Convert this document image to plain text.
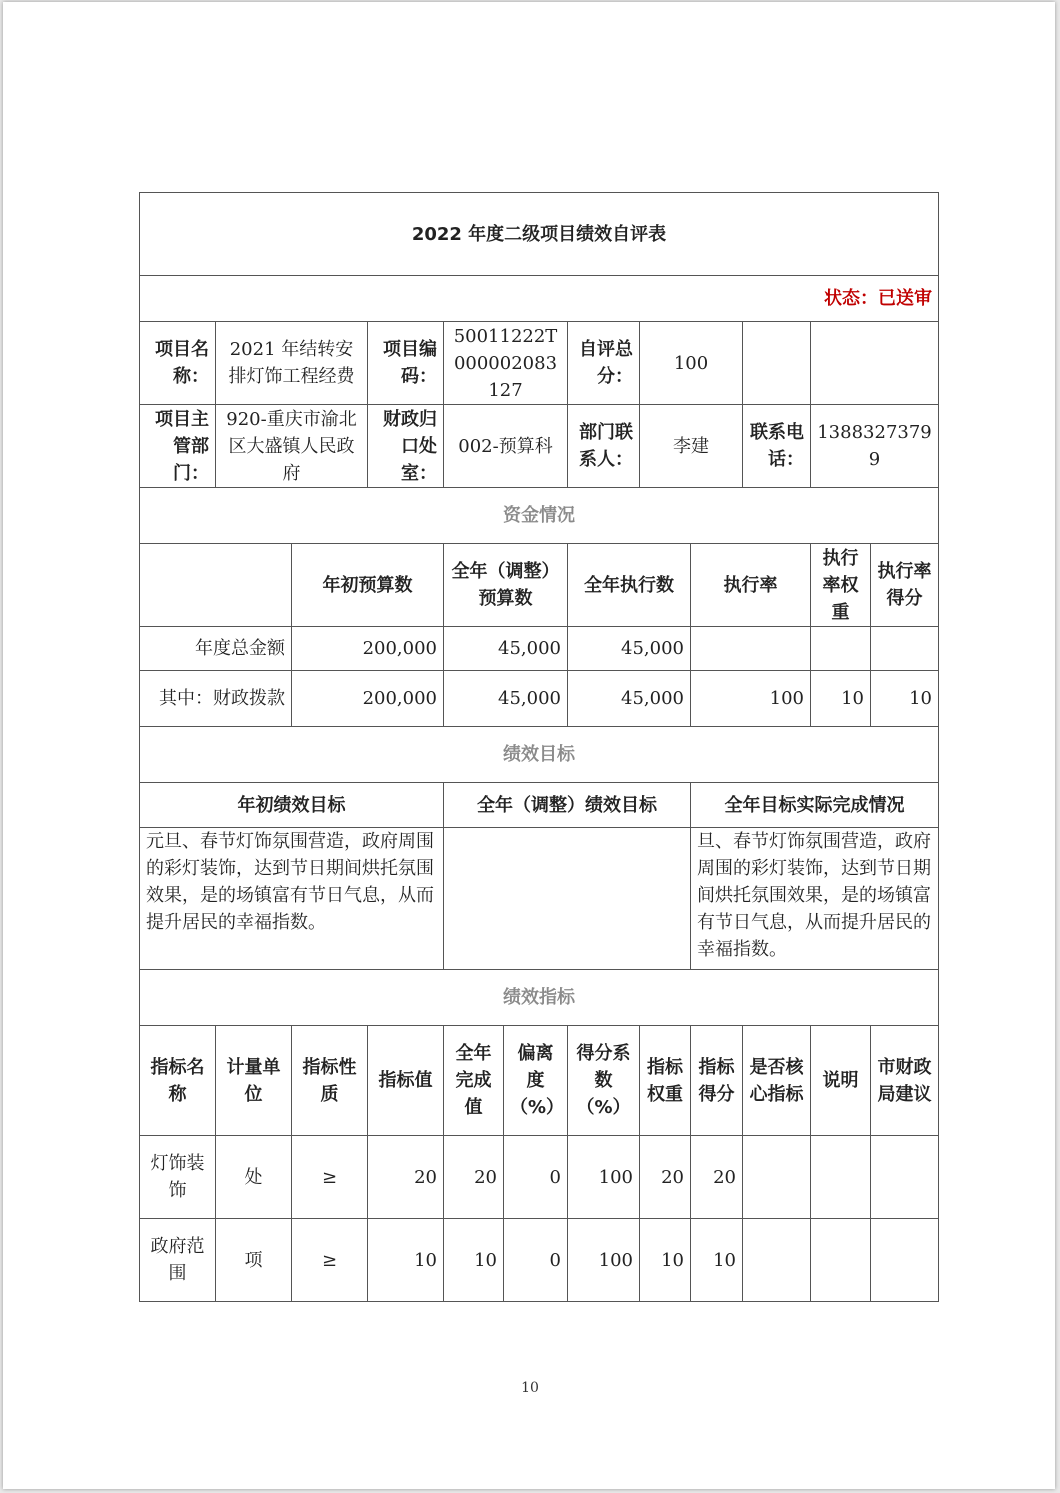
2022 年度二级项目绩效自评表											
状态：已送审											
项目名称：	2021 年结转安排灯饰工程经费		项目编码：	50011222T000002083127		自评总分：	100				
项目主管部门：	920-重庆市渝北区大盛镇人民政府		财政归口处室：	002-预算科		部门联系人：	李建		联系电话：	13883273799	
资金情况											
		年初预算数		全年（调整）预算数		全年执行数		执行率		执行率权重	执行率得分
年度总金额		200,000		45,000		45,000					
其中：财政拨款		200,000		45,000		45,000		100		10	10
绩效目标											
年初绩效目标				全年（调整）绩效目标				全年目标实际完成情况			
元旦、春节灯饰氛围营造，政府周围的彩灯装饰，达到节日期间烘托氛围效果，是的场镇富有节日气息，从而提升居民的幸福指数。								旦、春节灯饰氛围营造，政府周围的彩灯装饰，达到节日期间烘托氛围效果，是的场镇富有节日气息，从而提升居民的幸福指数。			
绩效指标											
指标名称	计量单位	指标性质	指标值	全年完成值	偏离度（%）	得分系数（%）	指标权重	指标得分	是否核心指标	说明	市财政局建议
灯饰装饰	处	≥	20	20	0	100	20	20			
政府范围	项	≥	10	10	0	100	10	10			
10
